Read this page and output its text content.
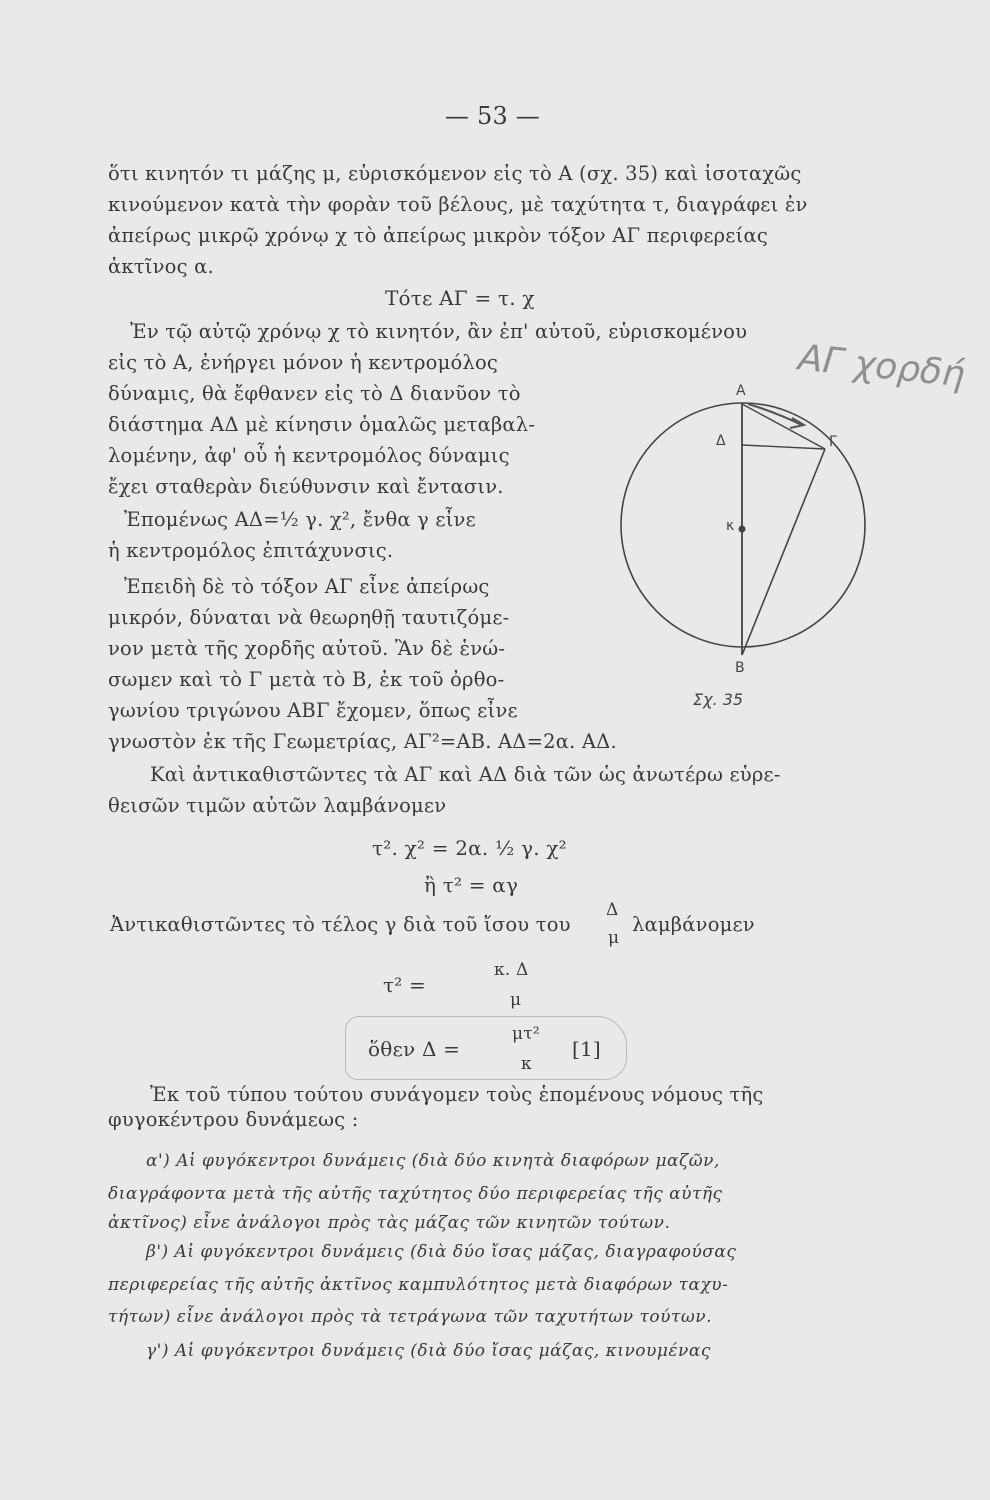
— 53 —
ὅτι κινητόν τι μάζης μ, εὑρισκόμενον εἰς τὸ Α (σχ. 35) καὶ ἰσοταχῶς
κινούμενον κατὰ τὴν φορὰν τοῦ βέλους, μὲ ταχύτητα τ, διαγράφει ἐν
ἀπείρως μικρῷ χρόνῳ χ τὸ ἀπείρως μικρὸν τόξον ΑΓ περιφερείας
ἀκτῖνος α.
Τότε ΑΓ = τ. χ
Ἐν τῷ αὐτῷ χρόνῳ χ τὸ κινητόν, ἂν ἐπ' αὐτοῦ, εὑρισκομένου
εἰς τὸ Α, ἐνήργει μόνον ἡ κεντρομόλος
δύναμις, θὰ ἔφθανεν εἰς τὸ Δ διανῦον τὸ
διάστημα ΑΔ μὲ κίνησιν ὁμαλῶς μεταβαλ-
λομένην, ἀφ' οὗ ἡ κεντρομόλος δύναμις
ἔχει σταθερὰν διεύθυνσιν καὶ ἔντασιν.
Ἐπομένως ΑΔ=½ γ. χ², ἔνθα γ εἶνε
ἡ κεντρομόλος ἐπιτάχυνσις.
Ἐπειδὴ δὲ τὸ τόξον ΑΓ εἶνε ἀπείρως
μικρόν, δύναται νὰ θεωρηθῇ ταυτιζόμε-
νον μετὰ τῆς χορδῆς αὐτοῦ. Ἂν δὲ ἑνώ-
σωμεν καὶ τὸ Γ μετὰ τὸ Β, ἐκ τοῦ ὀρθο-
γωνίου τριγώνου ΑΒΓ ἔχομεν, ὅπως εἶνε
γνωστὸν ἐκ τῆς Γεωμετρίας, ΑΓ²=ΑΒ. ΑΔ=2α. ΑΔ.
Καὶ ἀντικαθιστῶντες τὰ ΑΓ καὶ ΑΔ διὰ τῶν ὡς ἀνωτέρω εὑρε-
θεισῶν τιμῶν αὐτῶν λαμβάνομεν
τ². χ² = 2α. ½ γ. χ²
ἢ τ² = αγ
Ἀντικαθιστῶντες τὸ τέλος γ διὰ τοῦ ἴσου του
Δ
μ
λαμβάνομεν
τ² =
κ. Δ
μ
ὅθεν Δ =
μτ²
κ
[1]
Ἐκ τοῦ τύπου τούτου συνάγομεν τοὺς ἑπομένους νόμους τῆς
φυγοκέντρου δυνάμεως :
α') Αἱ φυγόκεντροι δυνάμεις (διὰ δύο κινητὰ διαφόρων μαζῶν,
διαγράφοντα μετὰ τῆς αὐτῆς ταχύτητος δύο περιφερείας τῆς αὐτῆς
ἀκτῖνος) εἶνε ἀνάλογοι πρὸς τὰς μάζας τῶν κινητῶν τούτων.
β') Αἱ φυγόκεντροι δυνάμεις (διὰ δύο ἴσας μάζας, διαγραφούσας
περιφερείας τῆς αὐτῆς ἀκτῖνος καμπυλότητος μετὰ διαφόρων ταχυ-
τήτων) εἶνε ἀνάλογοι πρὸς τὰ τετράγωνα τῶν ταχυτήτων τούτων.
γ') Αἱ φυγόκεντροι δυνάμεις (διὰ δύο ἴσας μάζας, κινουμένας
Α
Δ	Γ
κ
Β
Σχ. 35
ΑΓ χορδή
